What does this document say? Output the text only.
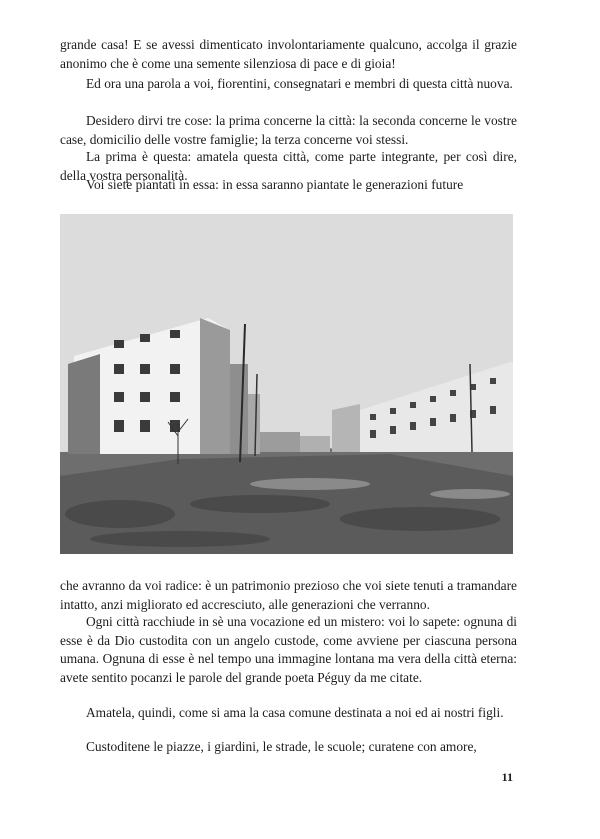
grande casa! E se avessi dimenticato involontariamente qualcuno, accolga il grazie anonimo che è come una semente silenziosa di pace e di gioia!

Ed ora una parola a voi, fiorentini, consegnatari e membri di questa città nuova.

Desidero dirvi tre cose: la prima concerne la città: la seconda concerne le vostre case, domicilio delle vostre famiglie; la terza concerne voi stessi.

La prima è questa: amatela questa città, come parte integrante, per così dire, della vostra personalità.

Voi siete piantati in essa: in essa saranno piantate le generazioni future

che avranno da voi radice: è un patrimonio prezioso che voi siete tenuti a tramandare intatto, anzi migliorato ed accresciuto, alle generazioni che verranno.

Ogni città racchiude in sè una vocazione ed un mistero: voi lo sapete: ognuna di esse è da Dio custodita con un angelo custode, come avviene per ciascuna persona umana. Ognuna di esse è nel tempo una immagine lontana ma vera della città eterna: avete sentito pocanzi le parole del grande poeta Péguy da me citate.

Amatela, quindi, come si ama la casa comune destinata a noi ed ai nostri figli.

Custoditene le piazze, i giardini, le strade, le scuole; curatene con amore,

11
